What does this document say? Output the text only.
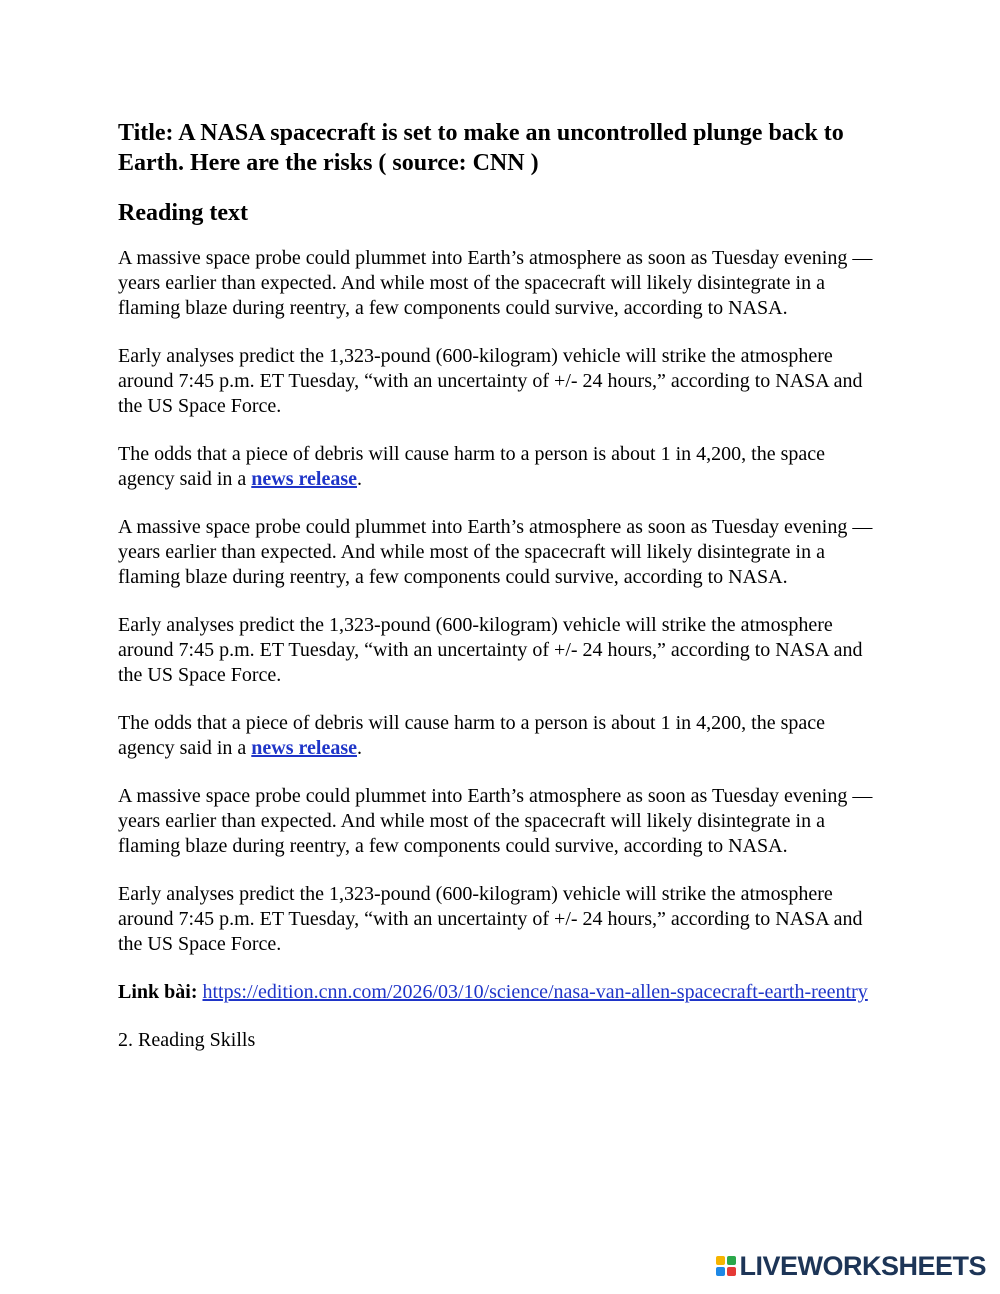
Title: A NASA spacecraft is set to make an uncontrolled plunge back to Earth. Here are the risks ( source: CNN )
Reading text

A massive space probe could plummet into Earth’s atmosphere as soon as Tuesday evening — years earlier than expected. And while most of the spacecraft will likely disintegrate in a flaming blaze during reentry, a few components could survive, according to NASA.

Early analyses predict the 1,323-pound (600-kilogram) vehicle will strike the atmosphere around 7:45 p.m. ET Tuesday, “with an uncertainty of +/- 24 hours,” according to NASA and the US Space Force.

The odds that a piece of debris will cause harm to a person is about 1 in 4,200, the space agency said in a news release.

A massive space probe could plummet into Earth’s atmosphere as soon as Tuesday evening — years earlier than expected. And while most of the spacecraft will likely disintegrate in a flaming blaze during reentry, a few components could survive, according to NASA.

Early analyses predict the 1,323-pound (600-kilogram) vehicle will strike the atmosphere around 7:45 p.m. ET Tuesday, “with an uncertainty of +/- 24 hours,” according to NASA and the US Space Force.

The odds that a piece of debris will cause harm to a person is about 1 in 4,200, the space agency said in a news release.

A massive space probe could plummet into Earth’s atmosphere as soon as Tuesday evening — years earlier than expected. And while most of the spacecraft will likely disintegrate in a flaming blaze during reentry, a few components could survive, according to NASA.

Early analyses predict the 1,323-pound (600-kilogram) vehicle will strike the atmosphere around 7:45 p.m. ET Tuesday, “with an uncertainty of +/- 24 hours,” according to NASA and the US Space Force.

Link bài: https://edition.cnn.com/2026/03/10/science/nasa-van-allen-spacecraft-earth-reentry

2. Reading Skills

LIVEWORKSHEETS
